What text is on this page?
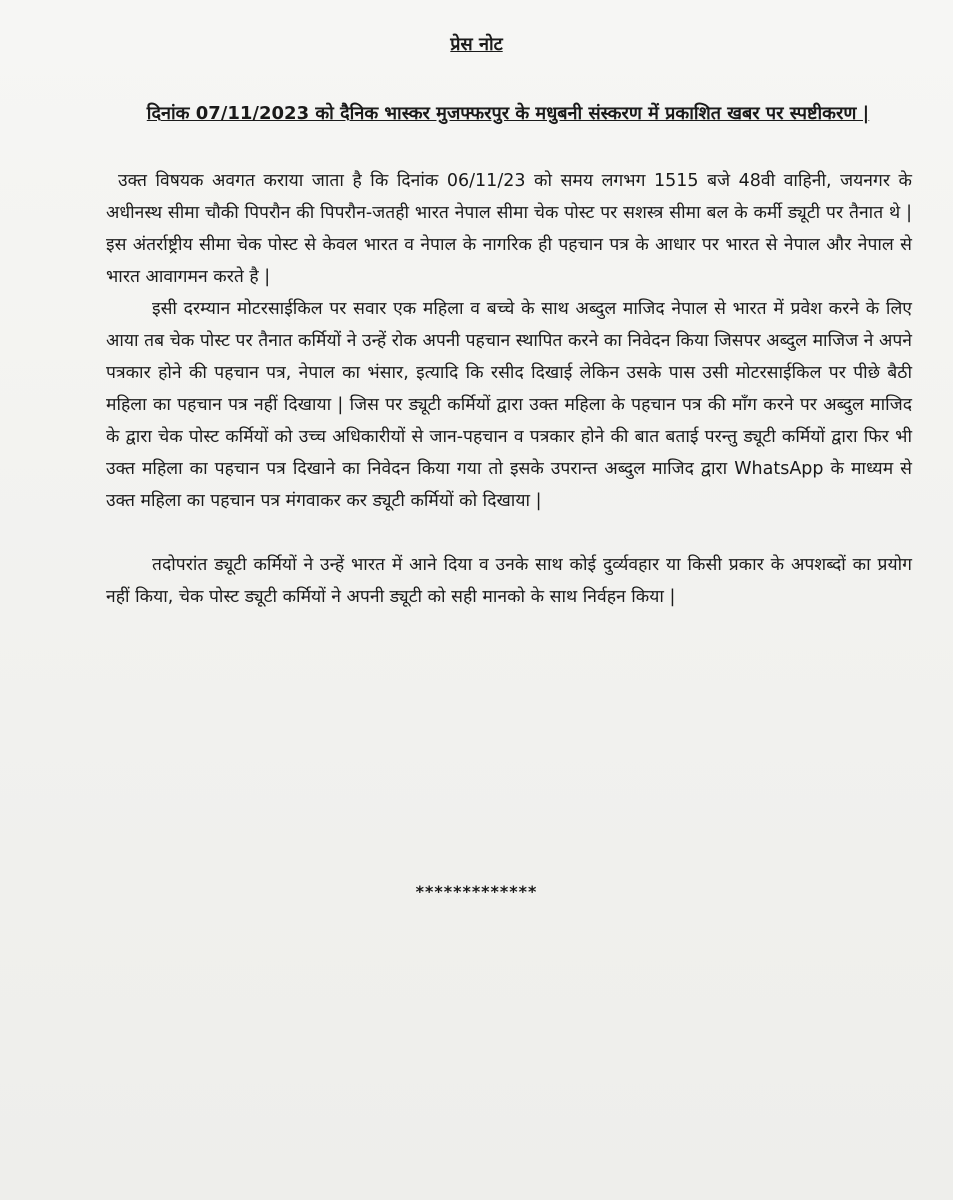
प्रेस नोट
दिनांक 07/11/2023 को दैनिक भास्कर मुजफ्फरपुर के मधुबनी संस्करण में प्रकाशित खबर पर स्पष्टीकरण |

उक्त विषयक अवगत कराया जाता है कि दिनांक 06/11/23 को समय लगभग 1515 बजे 48वी वाहिनी, जयनगर के अधीनस्थ सीमा चौकी पिपरौन की पिपरौन-जतही भारत नेपाल सीमा चेक पोस्ट पर सशस्त्र सीमा बल के कर्मी ड्यूटी पर तैनात थे | इस अंतर्राष्ट्रीय सीमा चेक पोस्ट से केवल भारत व नेपाल के नागरिक ही पहचान पत्र के आधार पर भारत से नेपाल और नेपाल से भारत आवागमन करते है |

इसी दरम्यान मोटरसाईकिल पर सवार एक महिला व बच्चे के साथ अब्दुल माजिद नेपाल से भारत में प्रवेश करने के लिए आया तब चेक पोस्ट पर तैनात कर्मियों ने उन्हें रोक अपनी पहचान स्थापित करने का निवेदन किया जिसपर अब्दुल माजिज ने अपने पत्रकार होने की पहचान पत्र, नेपाल का भंसार, इत्यादि कि रसीद दिखाई लेकिन उसके पास उसी मोटरसाईकिल पर पीछे बैठी महिला का पहचान पत्र नहीं दिखाया | जिस पर ड्यूटी कर्मियों द्वारा उक्त महिला के पहचान पत्र की माँग करने पर अब्दुल माजिद के द्वारा चेक पोस्ट कर्मियों को उच्च अधिकारीयों से जान-पहचान व पत्रकार होने की बात बताई परन्तु ड्यूटी कर्मियों द्वारा फिर भी उक्त महिला का पहचान पत्र दिखाने का निवेदन किया गया तो इसके उपरान्त अब्दुल माजिद द्वारा WhatsApp के माध्यम से उक्त महिला का पहचान पत्र मंगवाकर कर ड्यूटी कर्मियों को दिखाया |

तदोपरांत ड्यूटी कर्मियों ने उन्हें भारत में आने दिया व उनके साथ कोई दुर्व्यवहार या किसी प्रकार के अपशब्दों का प्रयोग नहीं किया, चेक पोस्ट ड्यूटी कर्मियों ने अपनी ड्यूटी को सही मानको के साथ निर्वहन किया |

*************
